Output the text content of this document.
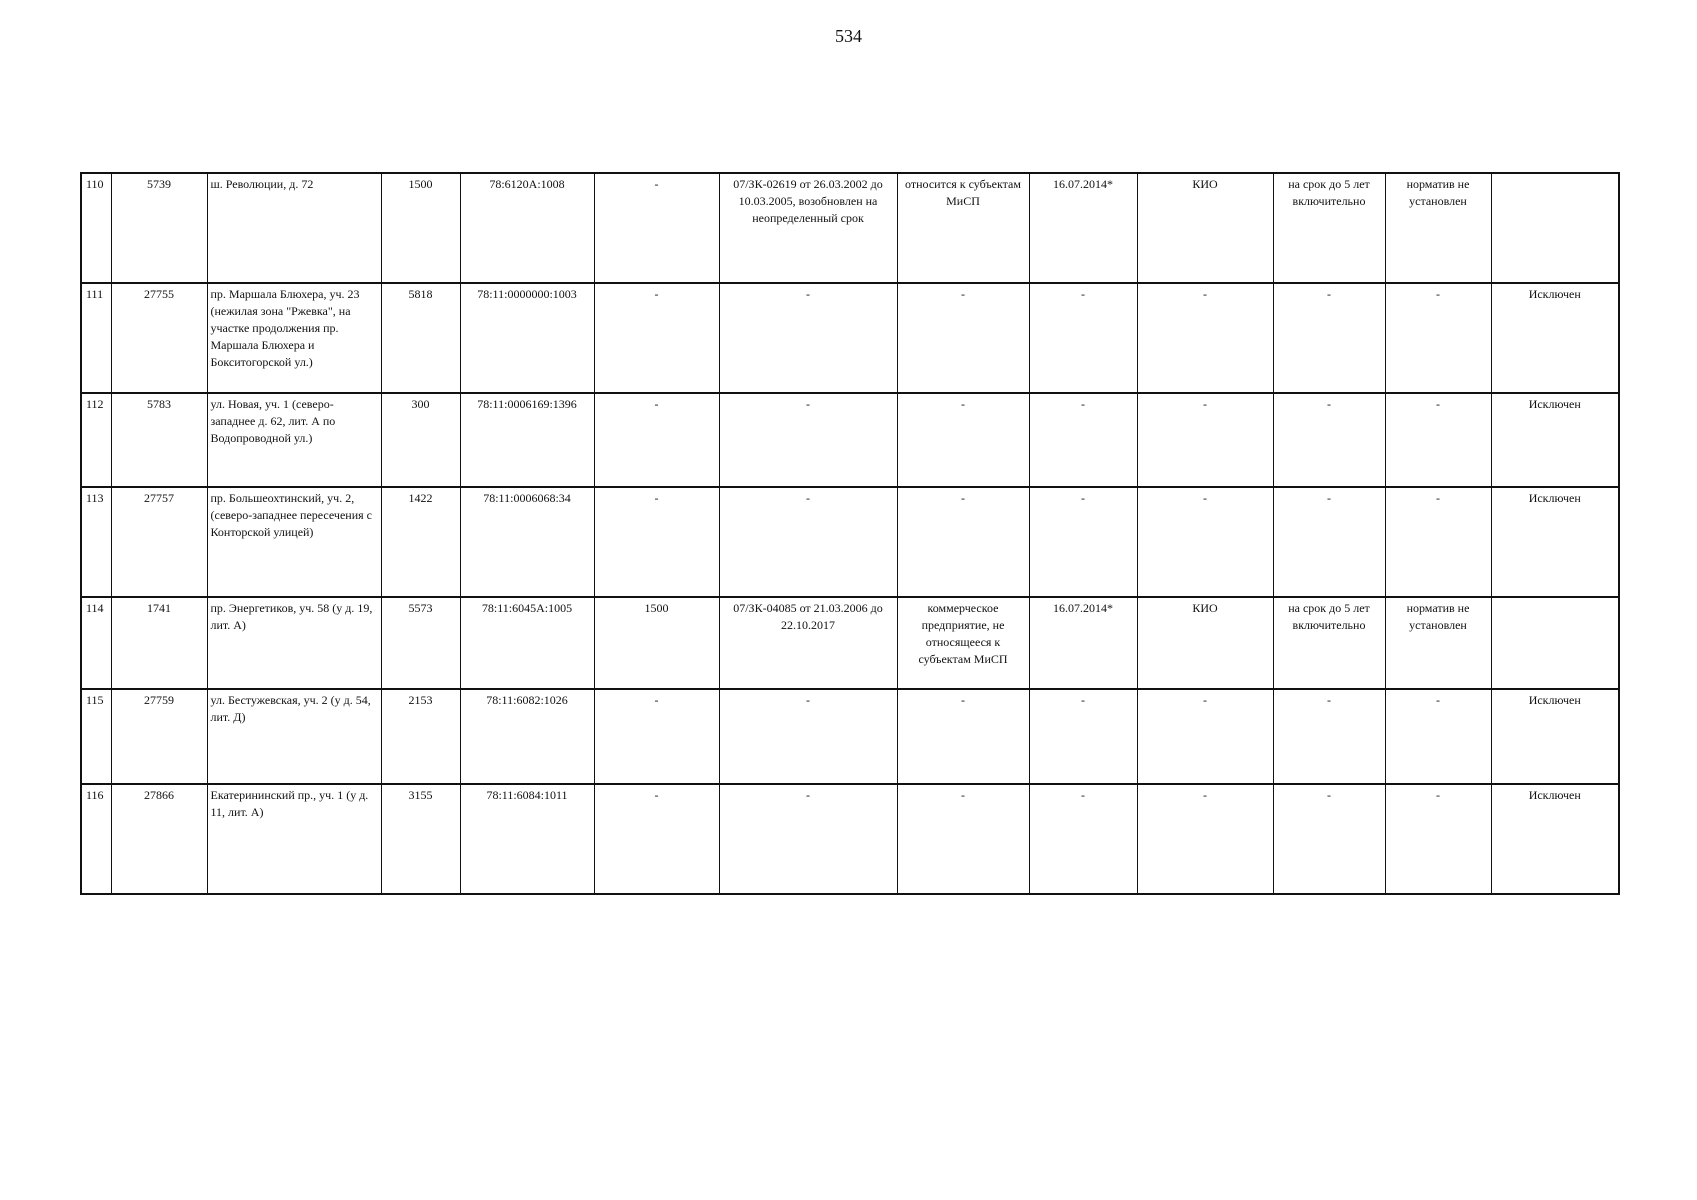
534
110	5739	ш. Революции, д. 72	1500	78:6120А:1008	-	07/ЗК-02619 от 26.03.2002 до 10.03.2005, возобновлен на неопределенный срок	относится к субъектам МиСП	16.07.2014*	КИО	на срок до 5 лет включительно	норматив не установлен	
111	27755	пр. Маршала Блюхера, уч. 23 (нежилая зона "Ржевка", на участке продолжения пр. Маршала Блюхера и Бокситогорской ул.)	5818	78:11:0000000:1003	-	-	-	-	-	-	-	Исключен
112	5783	ул. Новая, уч. 1 (северо-западнее д. 62, лит. А по Водопроводной ул.)	300	78:11:0006169:1396	-	-	-	-	-	-	-	Исключен
113	27757	пр. Большеохтинский, уч. 2, (северо-западнее пересечения с Конторской улицей)	1422	78:11:0006068:34	-	-	-	-	-	-	-	Исключен
114	1741	пр. Энергетиков, уч. 58 (у д. 19, лит. А)	5573	78:11:6045А:1005	1500	07/ЗК-04085 от 21.03.2006 до 22.10.2017	коммерческое предприятие, не относящееся к субъектам МиСП	16.07.2014*	КИО	на срок до 5 лет включительно	норматив не установлен	
115	27759	ул. Бестужевская, уч. 2 (у д. 54, лит. Д)	2153	78:11:6082:1026	-	-	-	-	-	-	-	Исключен
116	27866	Екатерининский пр., уч. 1 (у д. 11, лит. А)	3155	78:11:6084:1011	-	-	-	-	-	-	-	Исключен
